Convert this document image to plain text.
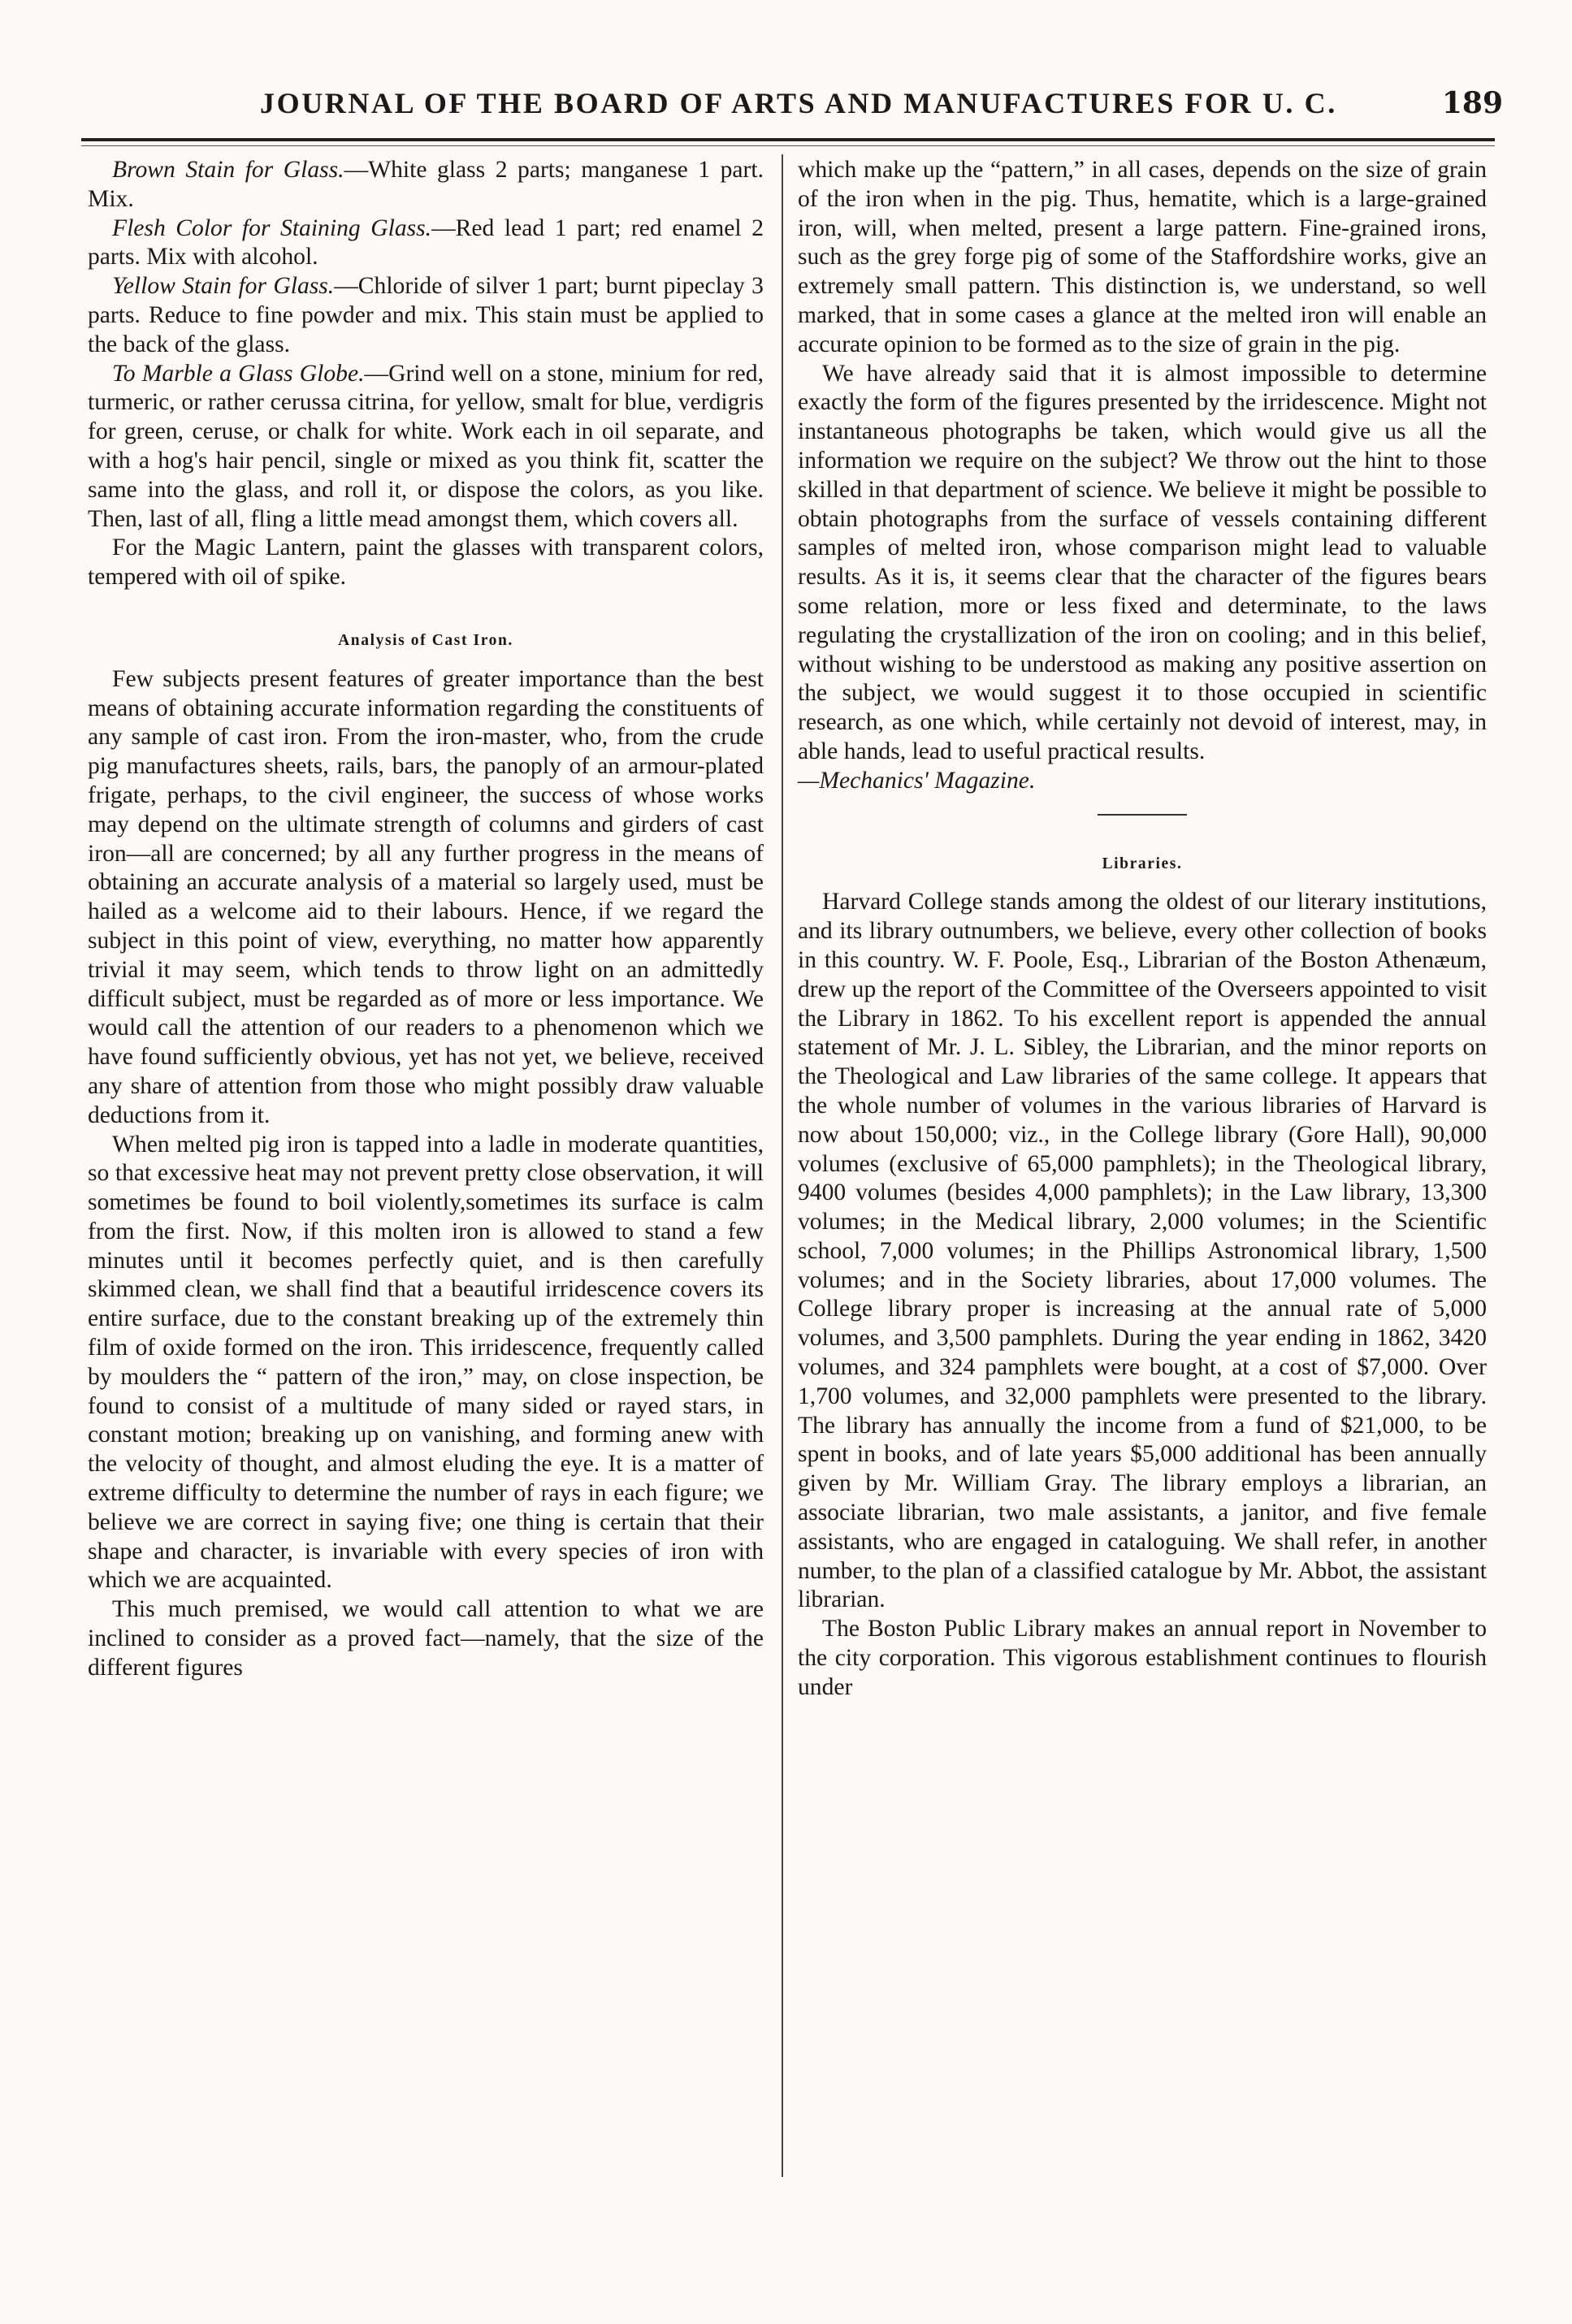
JOURNAL OF THE BOARD OF ARTS AND MANUFACTURES FOR U. C.	189

Brown Stain for Glass.—White glass 2 parts; manganese 1 part. Mix.

Flesh Color for Staining Glass.—Red lead 1 part; red enamel 2 parts. Mix with alcohol.

Yellow Stain for Glass.—Chloride of silver 1 part; burnt pipeclay 3 parts. Reduce to fine powder and mix. This stain must be applied to the back of the glass.

To Marble a Glass Globe.—Grind well on a stone, minium for red, turmeric, or rather cerussa citrina, for yellow, smalt for blue, verdigris for green, ceruse, or chalk for white. Work each in oil separate, and with a hog's hair pencil, single or mixed as you think fit, scatter the same into the glass, and roll it, or dispose the colors, as you like. Then, last of all, fling a little mead amongst them, which covers all.

For the Magic Lantern, paint the glasses with transparent colors, tempered with oil of spike.

Analysis of Cast Iron.

Few subjects present features of greater importance than the best means of obtaining accurate information regarding the constituents of any sample of cast iron. From the iron-master, who, from the crude pig manufactures sheets, rails, bars, the panoply of an armour-plated frigate, perhaps, to the civil engineer, the success of whose works may depend on the ultimate strength of columns and girders of cast iron—all are concerned; by all any further progress in the means of obtaining an accurate analysis of a material so largely used, must be hailed as a welcome aid to their labours. Hence, if we regard the subject in this point of view, everything, no matter how apparently trivial it may seem, which tends to throw light on an admittedly difficult subject, must be regarded as of more or less importance. We would call the attention of our readers to a phenomenon which we have found sufficiently obvious, yet has not yet, we believe, received any share of attention from those who might possibly draw valuable deductions from it.

When melted pig iron is tapped into a ladle in moderate quantities, so that excessive heat may not prevent pretty close observation, it will sometimes be found to boil violently,sometimes its surface is calm from the first. Now, if this molten iron is allowed to stand a few minutes until it becomes perfectly quiet, and is then carefully skimmed clean, we shall find that a beautiful irridescence covers its entire surface, due to the constant breaking up of the extremely thin film of oxide formed on the iron. This irridescence, frequently called by moulders the “ pattern of the iron,” may, on close inspection, be found to consist of a multitude of many sided or rayed stars, in constant motion; breaking up on vanishing, and forming anew with the velocity of thought, and almost eluding the eye. It is a matter of extreme difficulty to determine the number of rays in each figure; we believe we are correct in saying five; one thing is certain that their shape and character, is invariable with every species of iron with which we are acquainted.

This much premised, we would call attention to what we are inclined to consider as a proved fact—namely, that the size of the different figures

which make up the “pattern,” in all cases, depends on the size of grain of the iron when in the pig. Thus, hematite, which is a large-grained iron, will, when melted, present a large pattern. Fine-grained irons, such as the grey forge pig of some of the Staffordshire works, give an extremely small pattern. This distinction is, we understand, so well marked, that in some cases a glance at the melted iron will enable an accurate opinion to be formed as to the size of grain in the pig.

We have already said that it is almost impossible to determine exactly the form of the figures presented by the irridescence. Might not instantaneous photographs be taken, which would give us all the information we require on the subject? We throw out the hint to those skilled in that department of science. We believe it might be possible to obtain photographs from the surface of vessels containing different samples of melted iron, whose comparison might lead to valuable results. As it is, it seems clear that the character of the figures bears some relation, more or less fixed and determinate, to the laws regulating the crystallization of the iron on cooling; and in this belief, without wishing to be understood as making any positive assertion on the subject, we would suggest it to those occupied in scientific research, as one which, while certainly not devoid of interest, may, in able hands, lead to useful practical results.

—Mechanics' Magazine.

Libraries.

Harvard College stands among the oldest of our literary institutions, and its library outnumbers, we believe, every other collection of books in this country. W. F. Poole, Esq., Librarian of the Boston Athenæum, drew up the report of the Committee of the Overseers appointed to visit the Library in 1862. To his excellent report is appended the annual statement of Mr. J. L. Sibley, the Librarian, and the minor reports on the Theological and Law libraries of the same college. It appears that the whole number of volumes in the various libraries of Harvard is now about 150,000; viz., in the College library (Gore Hall), 90,000 volumes (exclusive of 65,000 pamphlets); in the Theological library, 9400 volumes (besides 4,000 pamphlets); in the Law library, 13,300 volumes; in the Medical library, 2,000 volumes; in the Scientific school, 7,000 volumes; in the Phillips Astronomical library, 1,500 volumes; and in the Society libraries, about 17,000 volumes. The College library proper is increasing at the annual rate of 5,000 volumes, and 3,500 pamphlets. During the year ending in 1862, 3420 volumes, and 324 pamphlets were bought, at a cost of $7,000. Over 1,700 volumes, and 32,000 pamphlets were presented to the library. The library has annually the income from a fund of $21,000, to be spent in books, and of late years $5,000 additional has been annually given by Mr. William Gray. The library employs a librarian, an associate librarian, two male assistants, a janitor, and five female assistants, who are engaged in cataloguing. We shall refer, in another number, to the plan of a classified catalogue by Mr. Abbot, the assistant librarian.

The Boston Public Library makes an annual report in November to the city corporation. This vigorous establishment continues to flourish under
